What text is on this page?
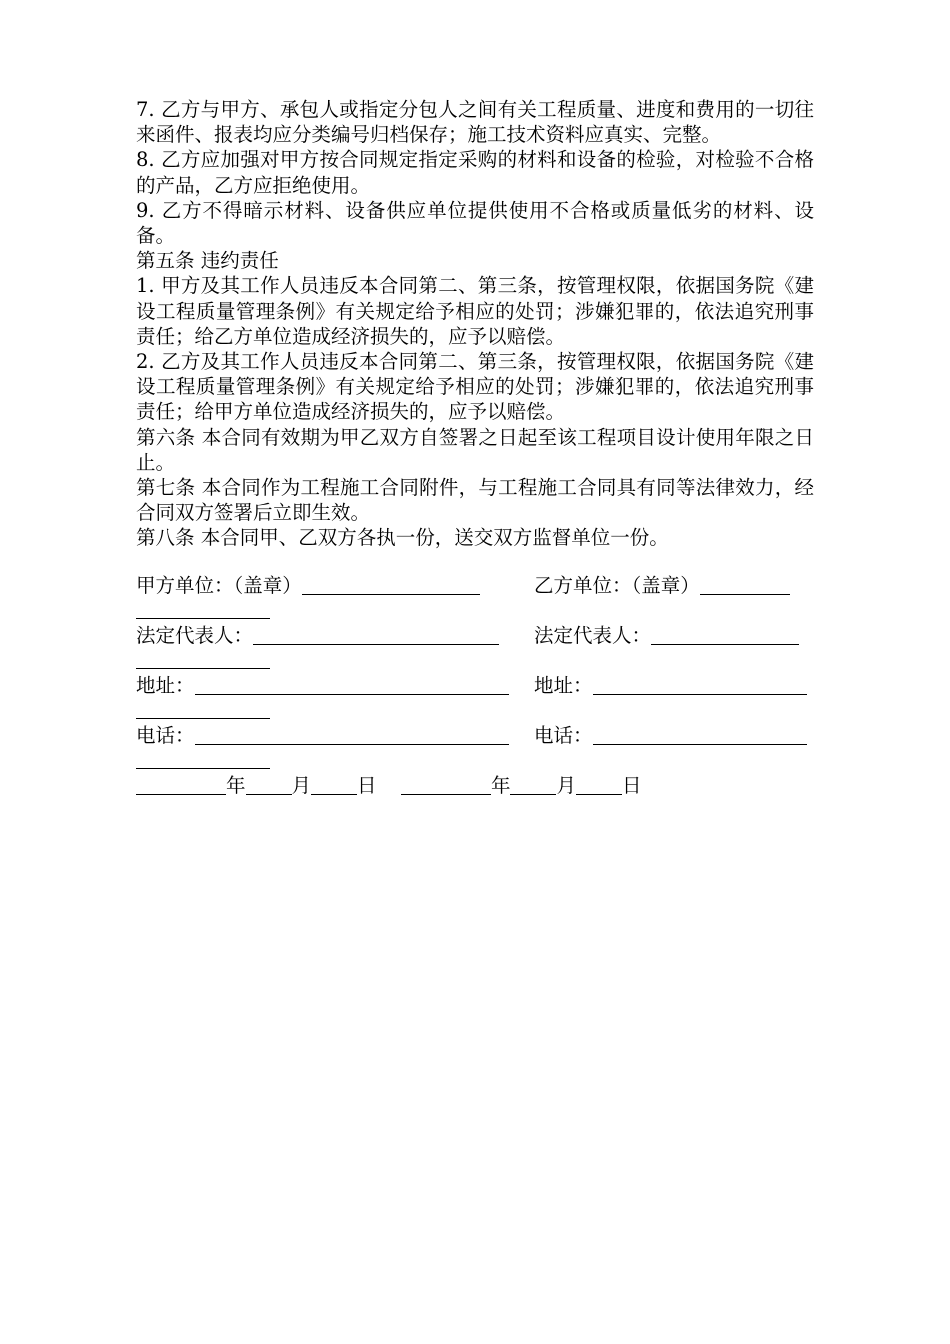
7. 乙方与甲方、承包人或指定分包人之间有关工程质量、进度和费用的一切往来函件、报表均应分类编号归档保存；施工技术资料应真实、完整。

8. 乙方应加强对甲方按合同规定指定采购的材料和设备的检验，对检验不合格的产品，乙方应拒绝使用。

9. 乙方不得暗示材料、设备供应单位提供使用不合格或质量低劣的材料、设备。

第五条 违约责任

1. 甲方及其工作人员违反本合同第二、第三条，按管理权限，依据国务院《建设工程质量管理条例》有关规定给予相应的处罚；涉嫌犯罪的，依法追究刑事责任；给乙方单位造成经济损失的，应予以赔偿。

2. 乙方及其工作人员违反本合同第二、第三条，按管理权限，依据国务院《建设工程质量管理条例》有关规定给予相应的处罚；涉嫌犯罪的，依法追究刑事责任；给甲方单位造成经济损失的，应予以赔偿。

第六条 本合同有效期为甲乙双方自签署之日起至该工程项目设计使用年限之日止。

第七条 本合同作为工程施工合同附件，与工程施工合同具有同等法律效力，经合同双方签署后立即生效。

第八条 本合同甲、乙双方各执一份，送交双方监督单位一份。

甲方单位：（盖章）	乙方单位：（盖章）
法定代表人：	法定代表人：
地址：	地址：
电话：	电话：
年 月 日	年 月 日
